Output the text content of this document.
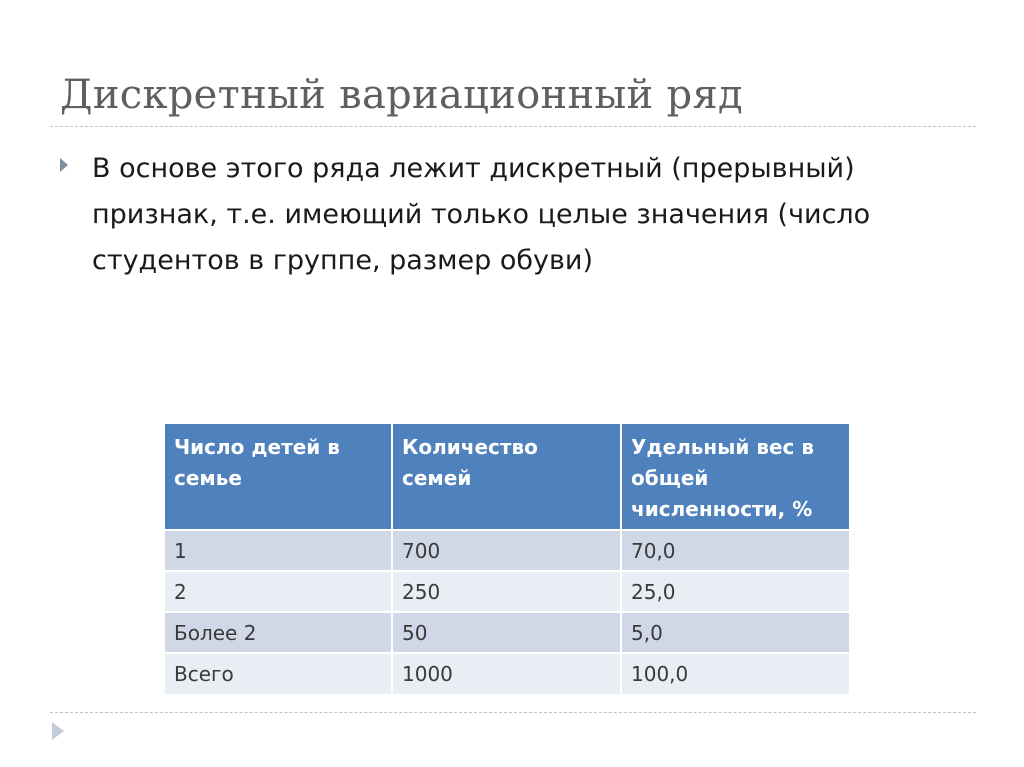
Дискретный вариационный ряд
В основе этого ряда лежит дискретный (прерывный) признак, т.е. имеющий только целые значения (число студентов в группе, размер обуви)
Число детей в семье	Количество семей	Удельный вес в общей численности, %
1	700	70,0
2	250	25,0
Более 2	50	5,0
Всего	1000	100,0
